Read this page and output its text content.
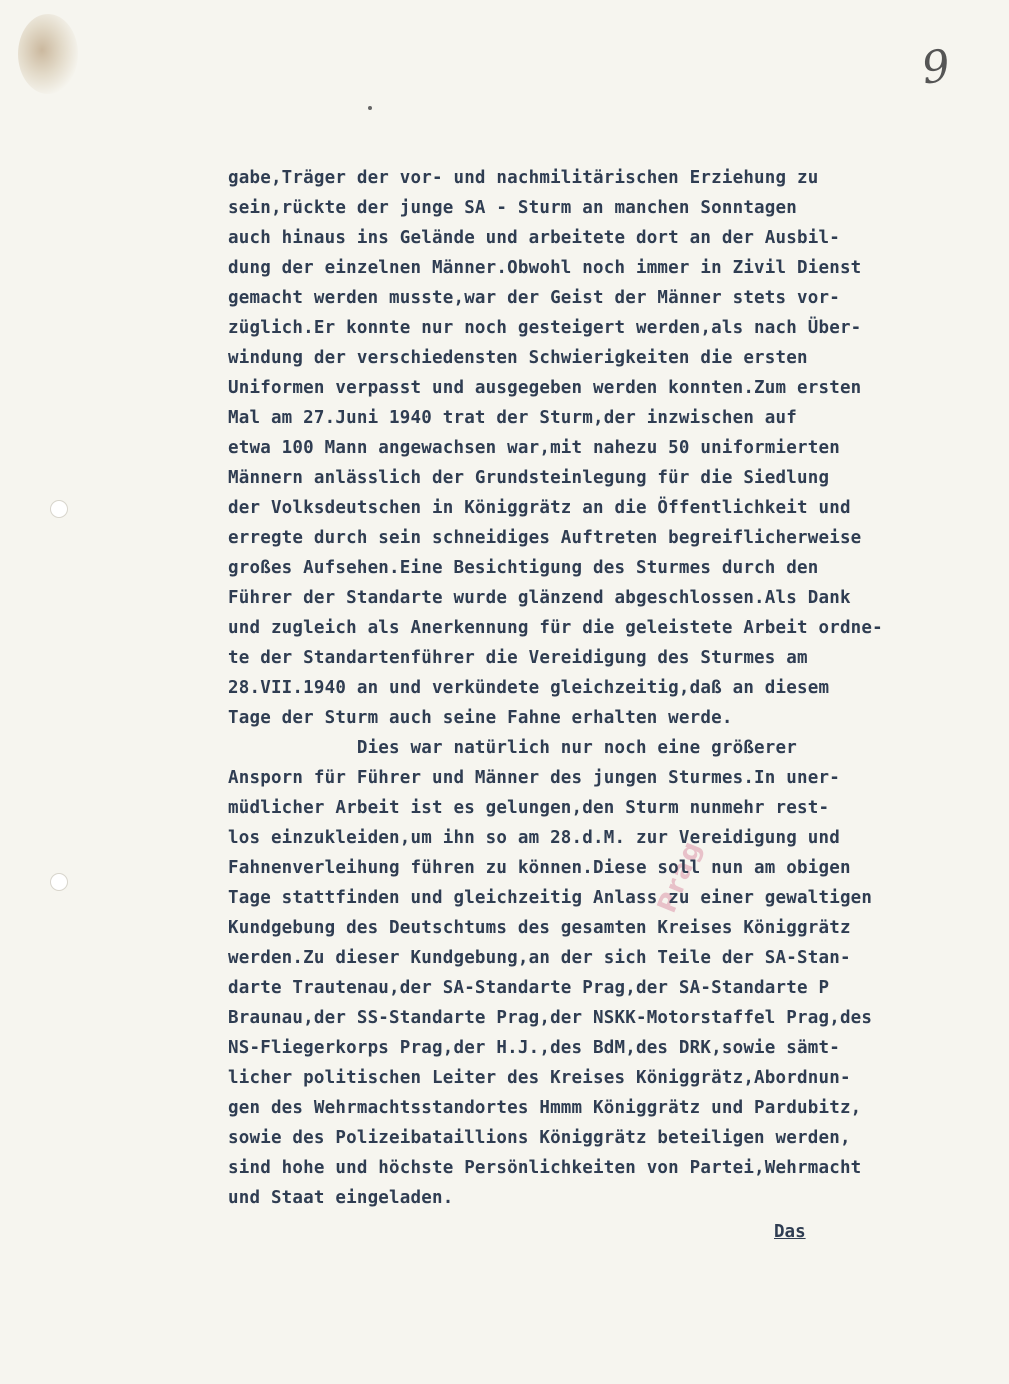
9
Prag
gabe,Träger der vor- und nachmilitärischen Erziehung zu
sein,rückte der junge SA - Sturm an manchen Sonntagen
auch hinaus ins Gelände und arbeitete dort an der Ausbil-
dung der einzelnen Männer.Obwohl noch immer in Zivil Dienst
gemacht werden musste,war der Geist der Männer stets vor-
züglich.Er konnte nur noch gesteigert werden,als nach Über-
windung der verschiedensten Schwierigkeiten die ersten
Uniformen verpasst und ausgegeben werden konnten.Zum ersten
Mal am 27.Juni 1940 trat der Sturm,der inzwischen auf
etwa 100 Mann angewachsen war,mit nahezu 50 uniformierten
Männern anlässlich der Grundsteinlegung für die Siedlung
der Volksdeutschen in Königgrätz an die Öffentlichkeit und
erregte durch sein schneidiges Auftreten begreiflicherweise
großes Aufsehen.Eine Besichtigung des Sturmes durch den
Führer der Standarte wurde glänzend abgeschlossen.Als Dank
und zugleich als Anerkennung für die geleistete Arbeit ordne-
te der Standartenführer die Vereidigung des Sturmes am
28.VII.1940 an und verkündete gleichzeitig,daß an diesem
Tage der Sturm auch seine Fahne erhalten werde.
Dies war natürlich nur noch eine größerer
Ansporn für Führer und Männer des jungen Sturmes.In uner-
müdlicher Arbeit ist es gelungen,den Sturm nunmehr rest-
los einzukleiden,um ihn so am 28.d.M. zur Vereidigung und
Fahnenverleihung führen zu können.Diese soll nun am obigen
Tage stattfinden und gleichzeitig Anlass zu einer gewaltigen
Kundgebung des Deutschtums des gesamten Kreises Königgrätz
werden.Zu dieser Kundgebung,an der sich Teile der SA-Stan-
darte Trautenau,der SA-Standarte Prag,der SA-Standarte P
Braunau,der SS-Standarte Prag,der NSKK-Motorstaffel Prag,des
NS-Fliegerkorps Prag,der H.J.,des BdM,des DRK,sowie sämt-
licher politischen Leiter des Kreises Königgrätz,Abordnun-
gen des Wehrmachtsstandortes Hmmm Königgrätz und Pardubitz,
sowie des Polizeibataillions Königgrätz beteiligen werden,
sind hohe und höchste Persönlichkeiten von Partei,Wehrmacht
und Staat eingeladen.
Das
